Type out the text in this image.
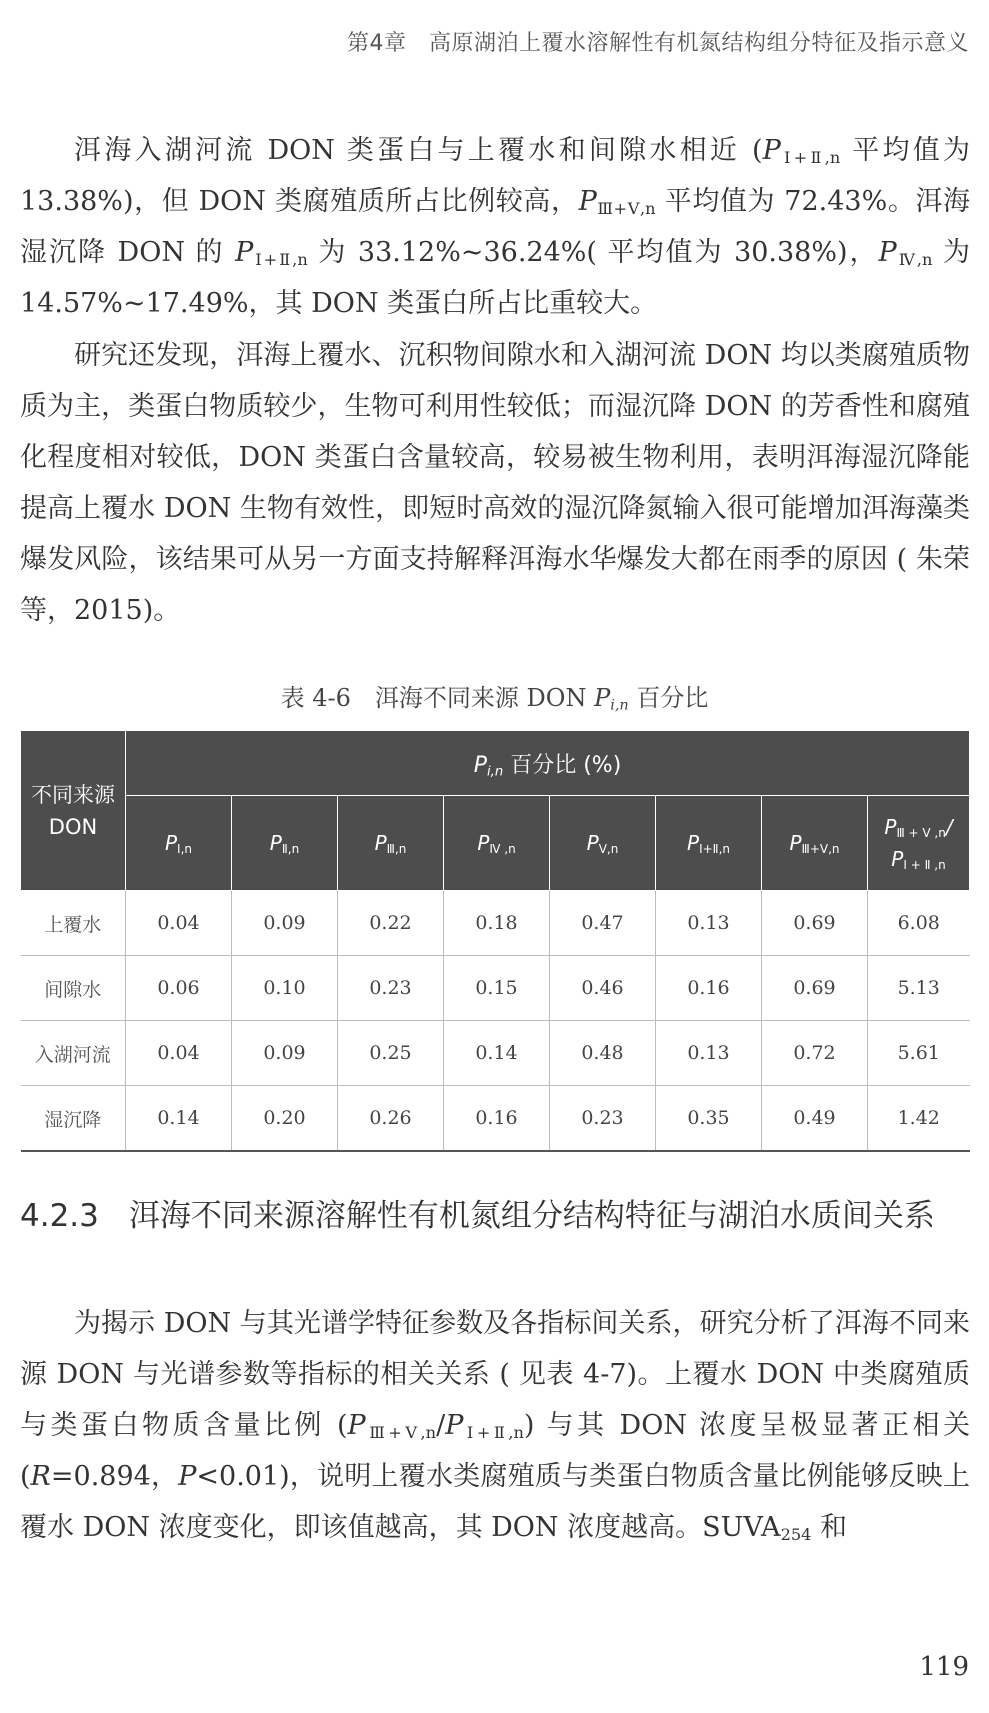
第4章　高原湖泊上覆水溶解性有机氮结构组分特征及指示意义

洱海入湖河流 DON 类蛋白与上覆水和间隙水相近 ($P_{Ⅰ+Ⅱ,n}$ 平均值为 13.38%)，但 DON 类腐殖质所占比例较高，$P_{Ⅲ+Ⅴ,n}$ 平均值为 72.43%。洱海湿沉降 DON 的 $P_{Ⅰ+Ⅱ,n}$ 为 33.12%~36.24%( 平均值为 30.38%)，$P_{Ⅳ,n}$ 为 14.57%~17.49%，其 DON 类蛋白所占比重较大。

研究还发现，洱海上覆水、沉积物间隙水和入湖河流 DON 均以类腐殖质物质为主，类蛋白物质较少，生物可利用性较低；而湿沉降 DON 的芳香性和腐殖化程度相对较低，DON 类蛋白含量较高，较易被生物利用，表明洱海湿沉降能提高上覆水 DON 生物有效性，即短时高效的湿沉降氮输入很可能增加洱海藻类爆发风险，该结果可从另一方面支持解释洱海水华爆发大都在雨季的原因 ( 朱荣等，2015)。

表 4-6　洱海不同来源 DON $P_{i,n}$ 百分比
不同来源
DON	$P_{i,n}$ 百分比 (%)							
	$P_{Ⅰ,n}$	$P_{Ⅱ,n}$	$P_{Ⅲ,n}$	$P_{Ⅳ ,n}$	$P_{Ⅴ,n}$	$P_{Ⅰ+Ⅱ,n}$	$P_{Ⅲ+Ⅴ,n}$	$P_{Ⅲ + Ⅴ ,n}/$
$P_{Ⅰ + Ⅱ ,n}$
上覆水	0.04	0.09	0.22	0.18	0.47	0.13	0.69	6.08
间隙水	0.06	0.10	0.23	0.15	0.46	0.16	0.69	5.13
入湖河流	0.04	0.09	0.25	0.14	0.48	0.13	0.72	5.61
湿沉降	0.14	0.20	0.26	0.16	0.23	0.35	0.49	1.42
4.2.3 洱海不同来源溶解性有机氮组分结构特征与湖泊水质间关系

为揭示 DON 与其光谱学特征参数及各指标间关系，研究分析了洱海不同来源 DON 与光谱参数等指标的相关关系 ( 见表 4-7)。上覆水 DON 中类腐殖质与类蛋白物质含量比例 $(P_{Ⅲ+Ⅴ,n}/P_{Ⅰ+Ⅱ,n})$ 与其 DON 浓度呈极显著正相关 (R=0.894，P<0.01)，说明上覆水类腐殖质与类蛋白物质含量比例能够反映上覆水 DON 浓度变化，即该值越高，其 DON 浓度越高。$SUVA_{254}$ 和

119
